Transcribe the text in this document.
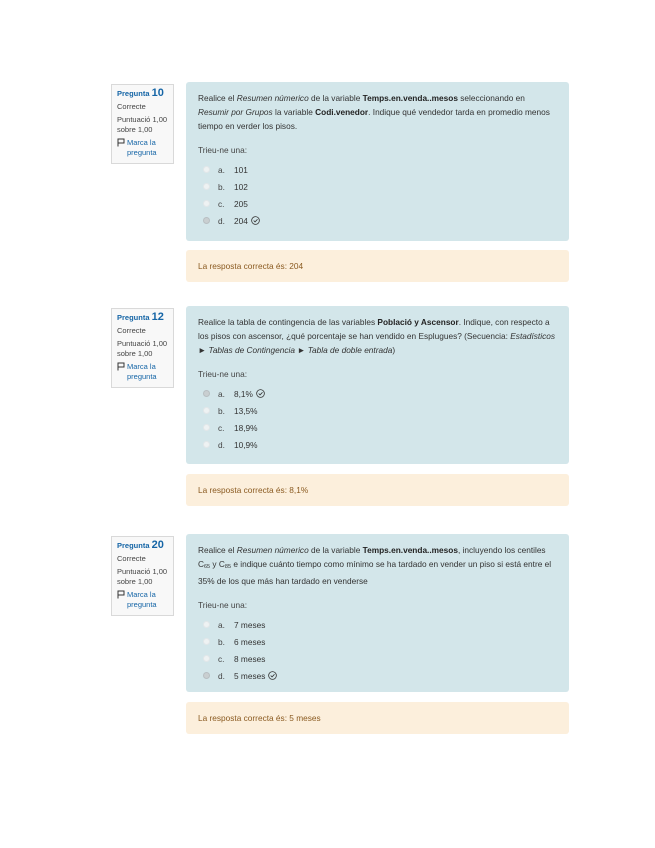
Pregunta 10
Correcte
Puntuació 1,00 sobre 1,00
Marca la pregunta
Realice el Resumen númerico de la variable Temps.en.venda..mesos seleccionando en Resumir por Grupos la variable Codi.venedor. Indique qué vendedor tarda en promedio menos tiempo en verder los pisos.
Trieu-ne una:
a.	101
b.	102
c.	205
d.	204
La resposta correcta és: 204
Pregunta 12
Correcte
Puntuació 1,00 sobre 1,00
Marca la pregunta
Realice la tabla de contingencia de las variables Població y Ascensor. Indique, con respecto a los pisos con ascensor, ¿qué porcentaje se han vendido en Esplugues? (Secuencia: Estadísticos ► Tablas de Contingencia ► Tabla de doble entrada)
Trieu-ne una:
a.	8,1%
b.	13,5%
c.	18,9%
d.	10,9%
La resposta correcta és: 8,1%
Pregunta 20
Correcte
Puntuació 1,00 sobre 1,00
Marca la pregunta
Realice el Resumen númerico de la variable Temps.en.venda..mesos, incluyendo los centiles $C_{65}$ y $C_{85}$ e indique cuánto tiempo como mínimo se ha tardado en vender un piso si está entre el 35% de los que más han tardado en venderse
Trieu-ne una:
a.	7 meses
b.	6 meses
c.	8 meses
d.	5 meses
La resposta correcta és: 5 meses
